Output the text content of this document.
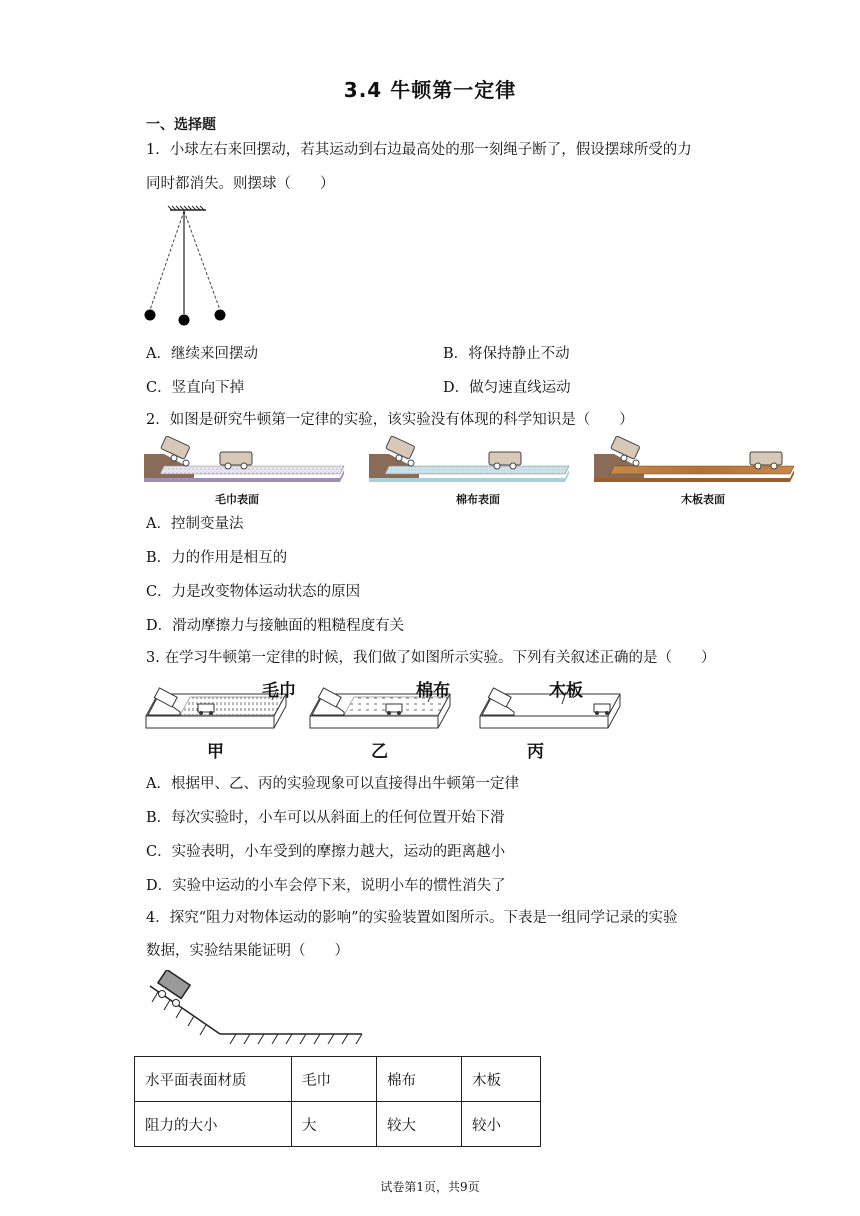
3.4 牛顿第一定律
一、选择题
1．小球左右来回摆动，若其运动到右边最高处的那一刻绳子断了，假设摆球所受的力
同时都消失。则摆球（　　）
A．继续来回摆动	B．将保持静止不动
C．竖直向下掉	D．做匀速直线运动
2．如图是研究牛顿第一定律的实验，该实验没有体现的科学知识是（　　）
毛巾表面	棉布表面	木板表面
A．控制变量法
B．力的作用是相互的
C．力是改变物体运动状态的原因
D．滑动摩擦力与接触面的粗糙程度有关
3. 在学习牛顿第一定律的时候，我们做了如图所示实验。下列有关叙述正确的是（　　）
毛巾	棉布	木板
甲	乙	丙
A．根据甲、乙、丙的实验现象可以直接得出牛顿第一定律
B．每次实验时，小车可以从斜面上的任何位置开始下滑
C．实验表明，小车受到的摩擦力越大，运动的距离越小
D．实验中运动的小车会停下来，说明小车的惯性消失了
4．探究“阻力对物体运动的影响”的实验装置如图所示。下表是一组同学记录的实验
数据，实验结果能证明（　　）
水平面表面材质	毛巾	棉布	木板
阻力的大小	大	较大	较小
试卷第1页，共9页
